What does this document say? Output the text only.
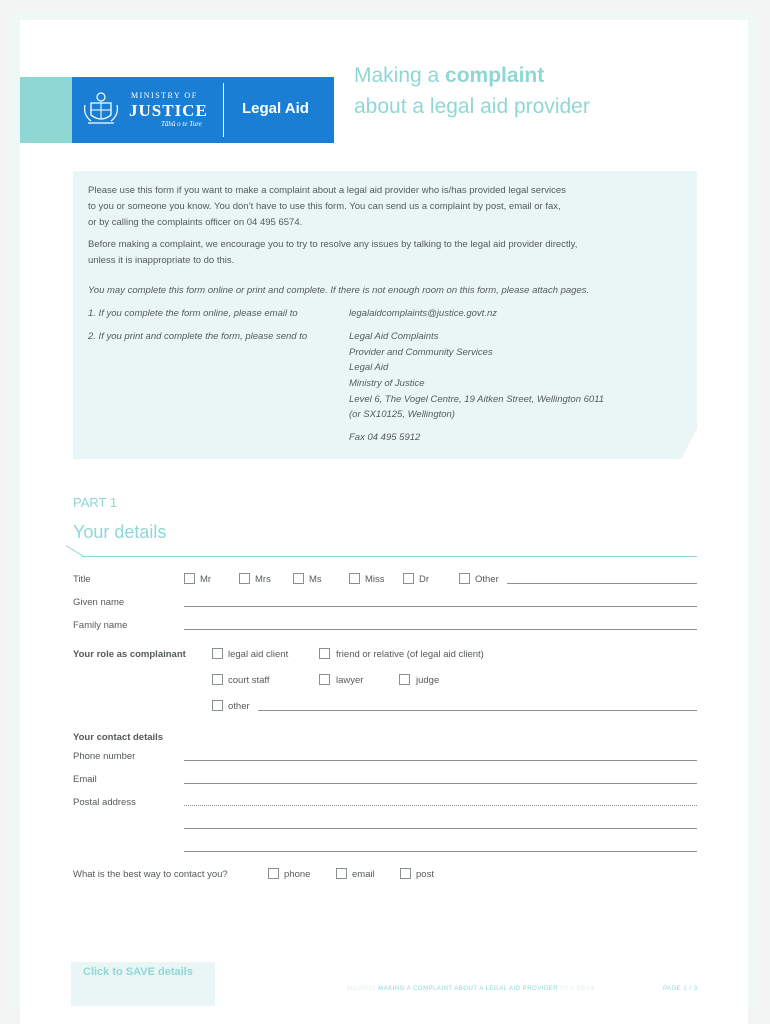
MINISTRY OF
JUSTICE
Tāhū o te Ture
Legal Aid
Making a complaint
about a legal aid provider

Please use this form if you want to make a complaint about a legal aid provider who is/has provided legal services

to you or someone you know. You don’t have to use this form. You can send us a complaint by post, email or fax,

or by calling the complaints officer on 04 495 6574.

Before making a complaint, we encourage you to try to resolve any issues by talking to the legal aid provider directly,

unless it is inappropriate to do this.

You may complete this form online or print and complete. If there is not enough room on this form, please attach pages.

1. If you complete the form online, please email to	legalaidcomplaints@justice.govt.nz

2. If you print and complete the form, please send to	Legal Aid Complaints

Provider and Community Services

Legal Aid

Ministry of Justice

Level 6, The Vogel Centre, 19 Aitken Street, Wellington 6011

(or SX10125, Wellington)

Fax 04 495 5912

PART 1
Your details
Title	Mr	Mrs	Ms	Miss	Dr	Other
Given name
Family name
Your role as complainant	legal aid client	friend or relative (of legal aid client)
court staff	lawyer	judge
other
Your contact details
Phone number
Email
Postal address
What is the best way to contact you?	phone	email	post
Click to SAVE details
MOJ0011 MAKING A COMPLAINT ABOUT A LEGAL AID PROVIDER V2.0 03/14	PAGE 1 / 3
